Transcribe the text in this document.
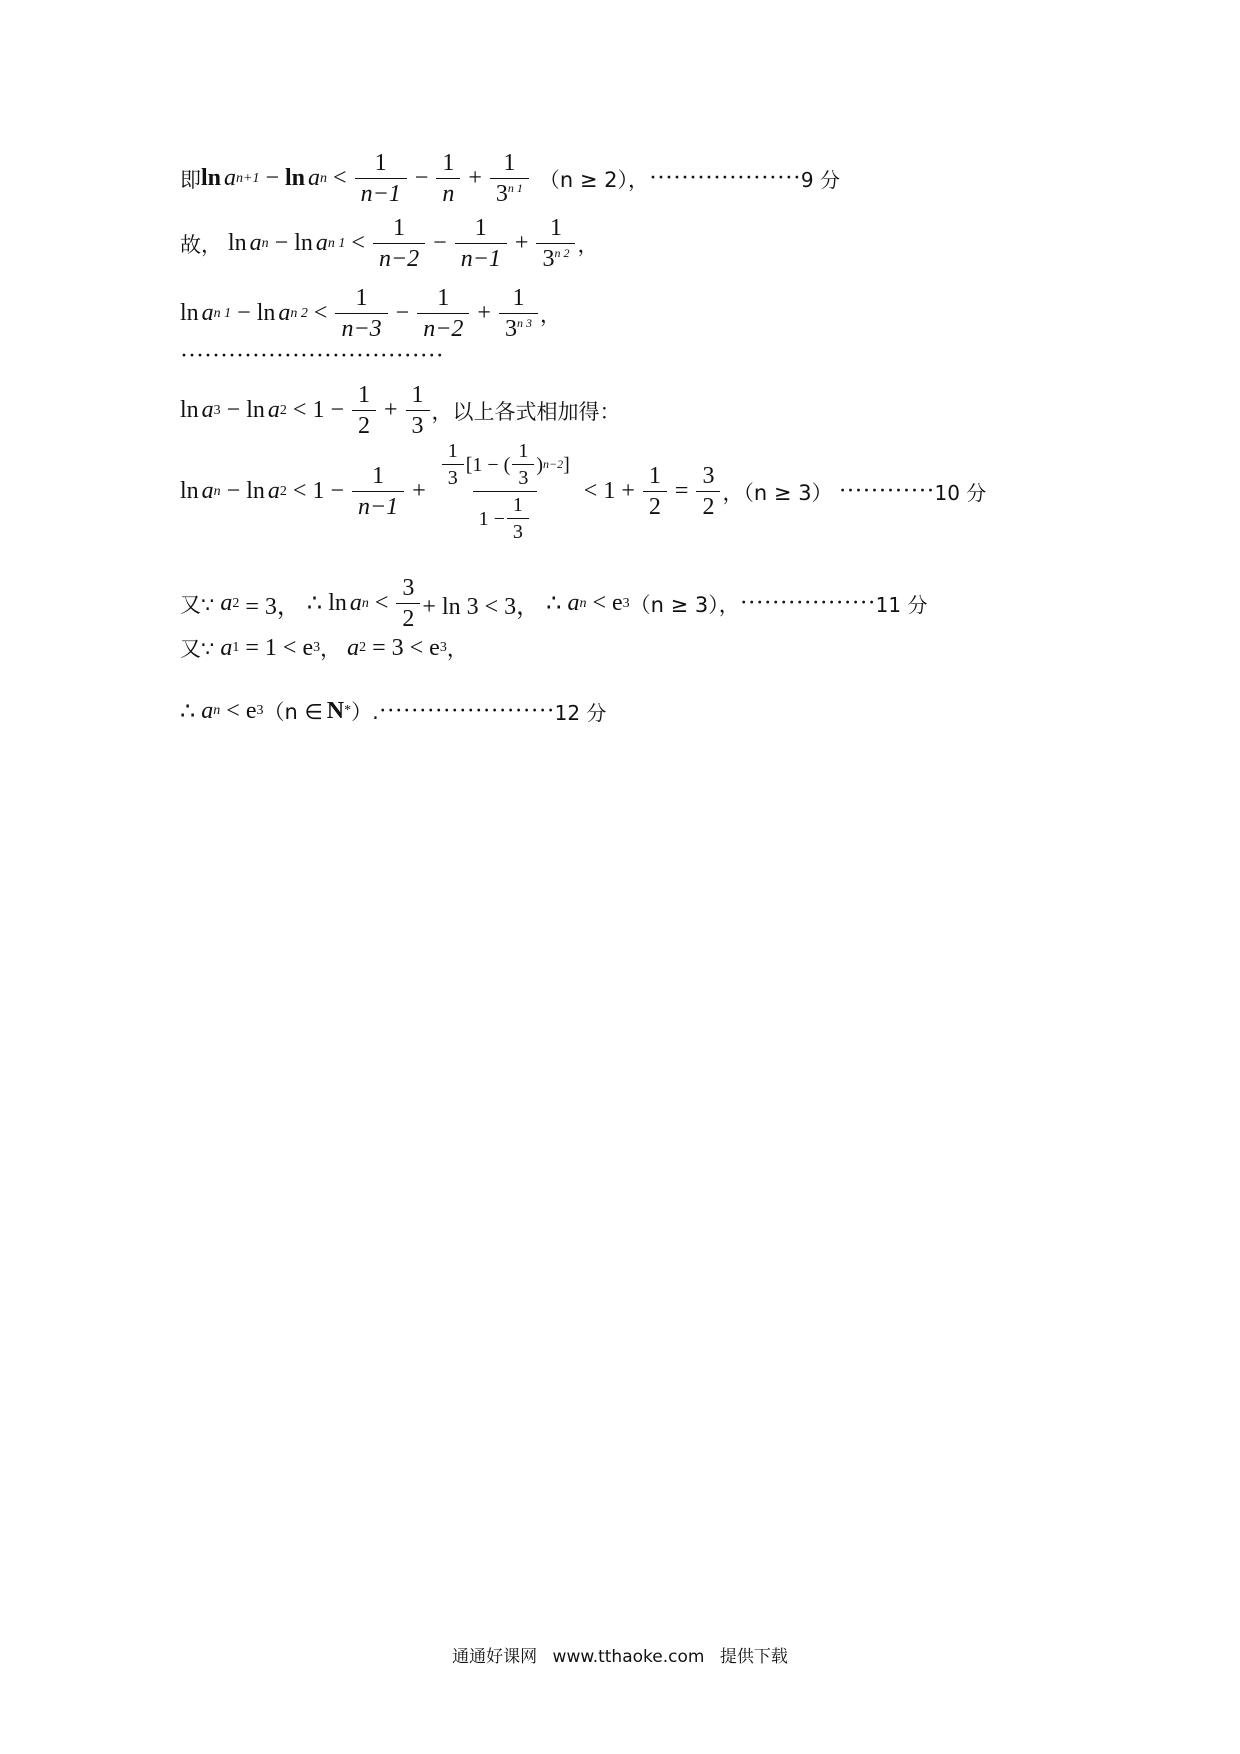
即 ln a n+1 − ln a $n < \frac{1}{n-1} - \frac{1}{n} + \frac{1}{3^{n 1}} (n \ge 2)$， ··················· 9 分
故， ln a n − ln a n $1 < \frac{1}{n-2} - \frac{1}{n-1} + \frac{1}{3^{n 2}}$ ，
ln a n 1 − ln a n $2 < \frac{1}{n-3} - \frac{1}{n-2} + \frac{1}{3^{n 3}}$ ，
·································
ln a 3 − ln a $2 < 1 - \frac{1}{2} + \frac{1}{3}$ ，以上各式相加得：
ln a n − ln a $2 < 1 - \frac{1}{n-1}$ +
$\frac{1}{3} [1$ − ( $\frac{1}{3}$ ) n−2 ]
$1 - \frac{1}{3}$
< $1 + \frac{1}{2} = \frac{3}{2}$ ，（n ≥ 3） ············ 10 分
又∵ a 2 = 3， ∴ ln a $n < \frac{3}{2} + \ln 3 < 3$， ∴ a n < e 3 （n ≥ 3）， ················· 11 分
又∵ a 1 = 1 < e 3 ， a 2 = 3 < e 3 ，
∴ a n < e 3 （n ∈ N * ）. ······················ 12 分
通通好课网 www.tthaoke.com 提供下载
